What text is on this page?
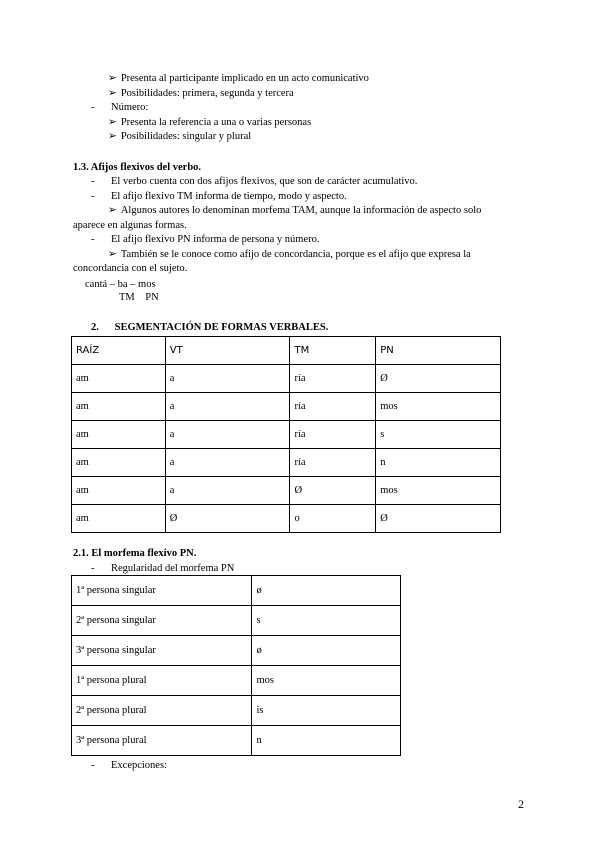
➢ Presenta al participante implicado en un acto comunicativo
➢ Posibilidades: primera, segunda y tercera
- Número:
➢ Presenta la referencia a una o varias personas
➢ Posibilidades: singular y plural
1.3. Afijos flexivos del verbo.
- El verbo cuenta con dos afijos flexivos, que son de carácter acumulativo.
- El afijo flexivo TM informa de tiempo, modo y aspecto.
➢ Algunos autores lo denominan morfema TAM, aunque la información de aspecto solo
aparece en algunas formas.
- El afijo flexivo PN informa de persona y número.
➢ También se le conoce como afijo de concordancia, porque es el afijo que expresa la
concordancia con el sujeto.
cantá – ba – mos
TM    PN
2.      SEGMENTACIÓN DE FORMAS VERBALES.
RAÍZ	VT	TM	PN
am	a	ría	Ø
am	a	ría	mos
am	a	ría	s
am	a	ría	n
am	a	Ø	mos
am	Ø	o	Ø
2.1. El morfema flexivo PN.
- Regularidad del morfema PN
1ª persona singular	ø
2ª persona singular	s
3ª persona singular	ø
1ª persona plural	mos
2ª persona plural	is
3ª persona plural	n
- Excepciones:
2
